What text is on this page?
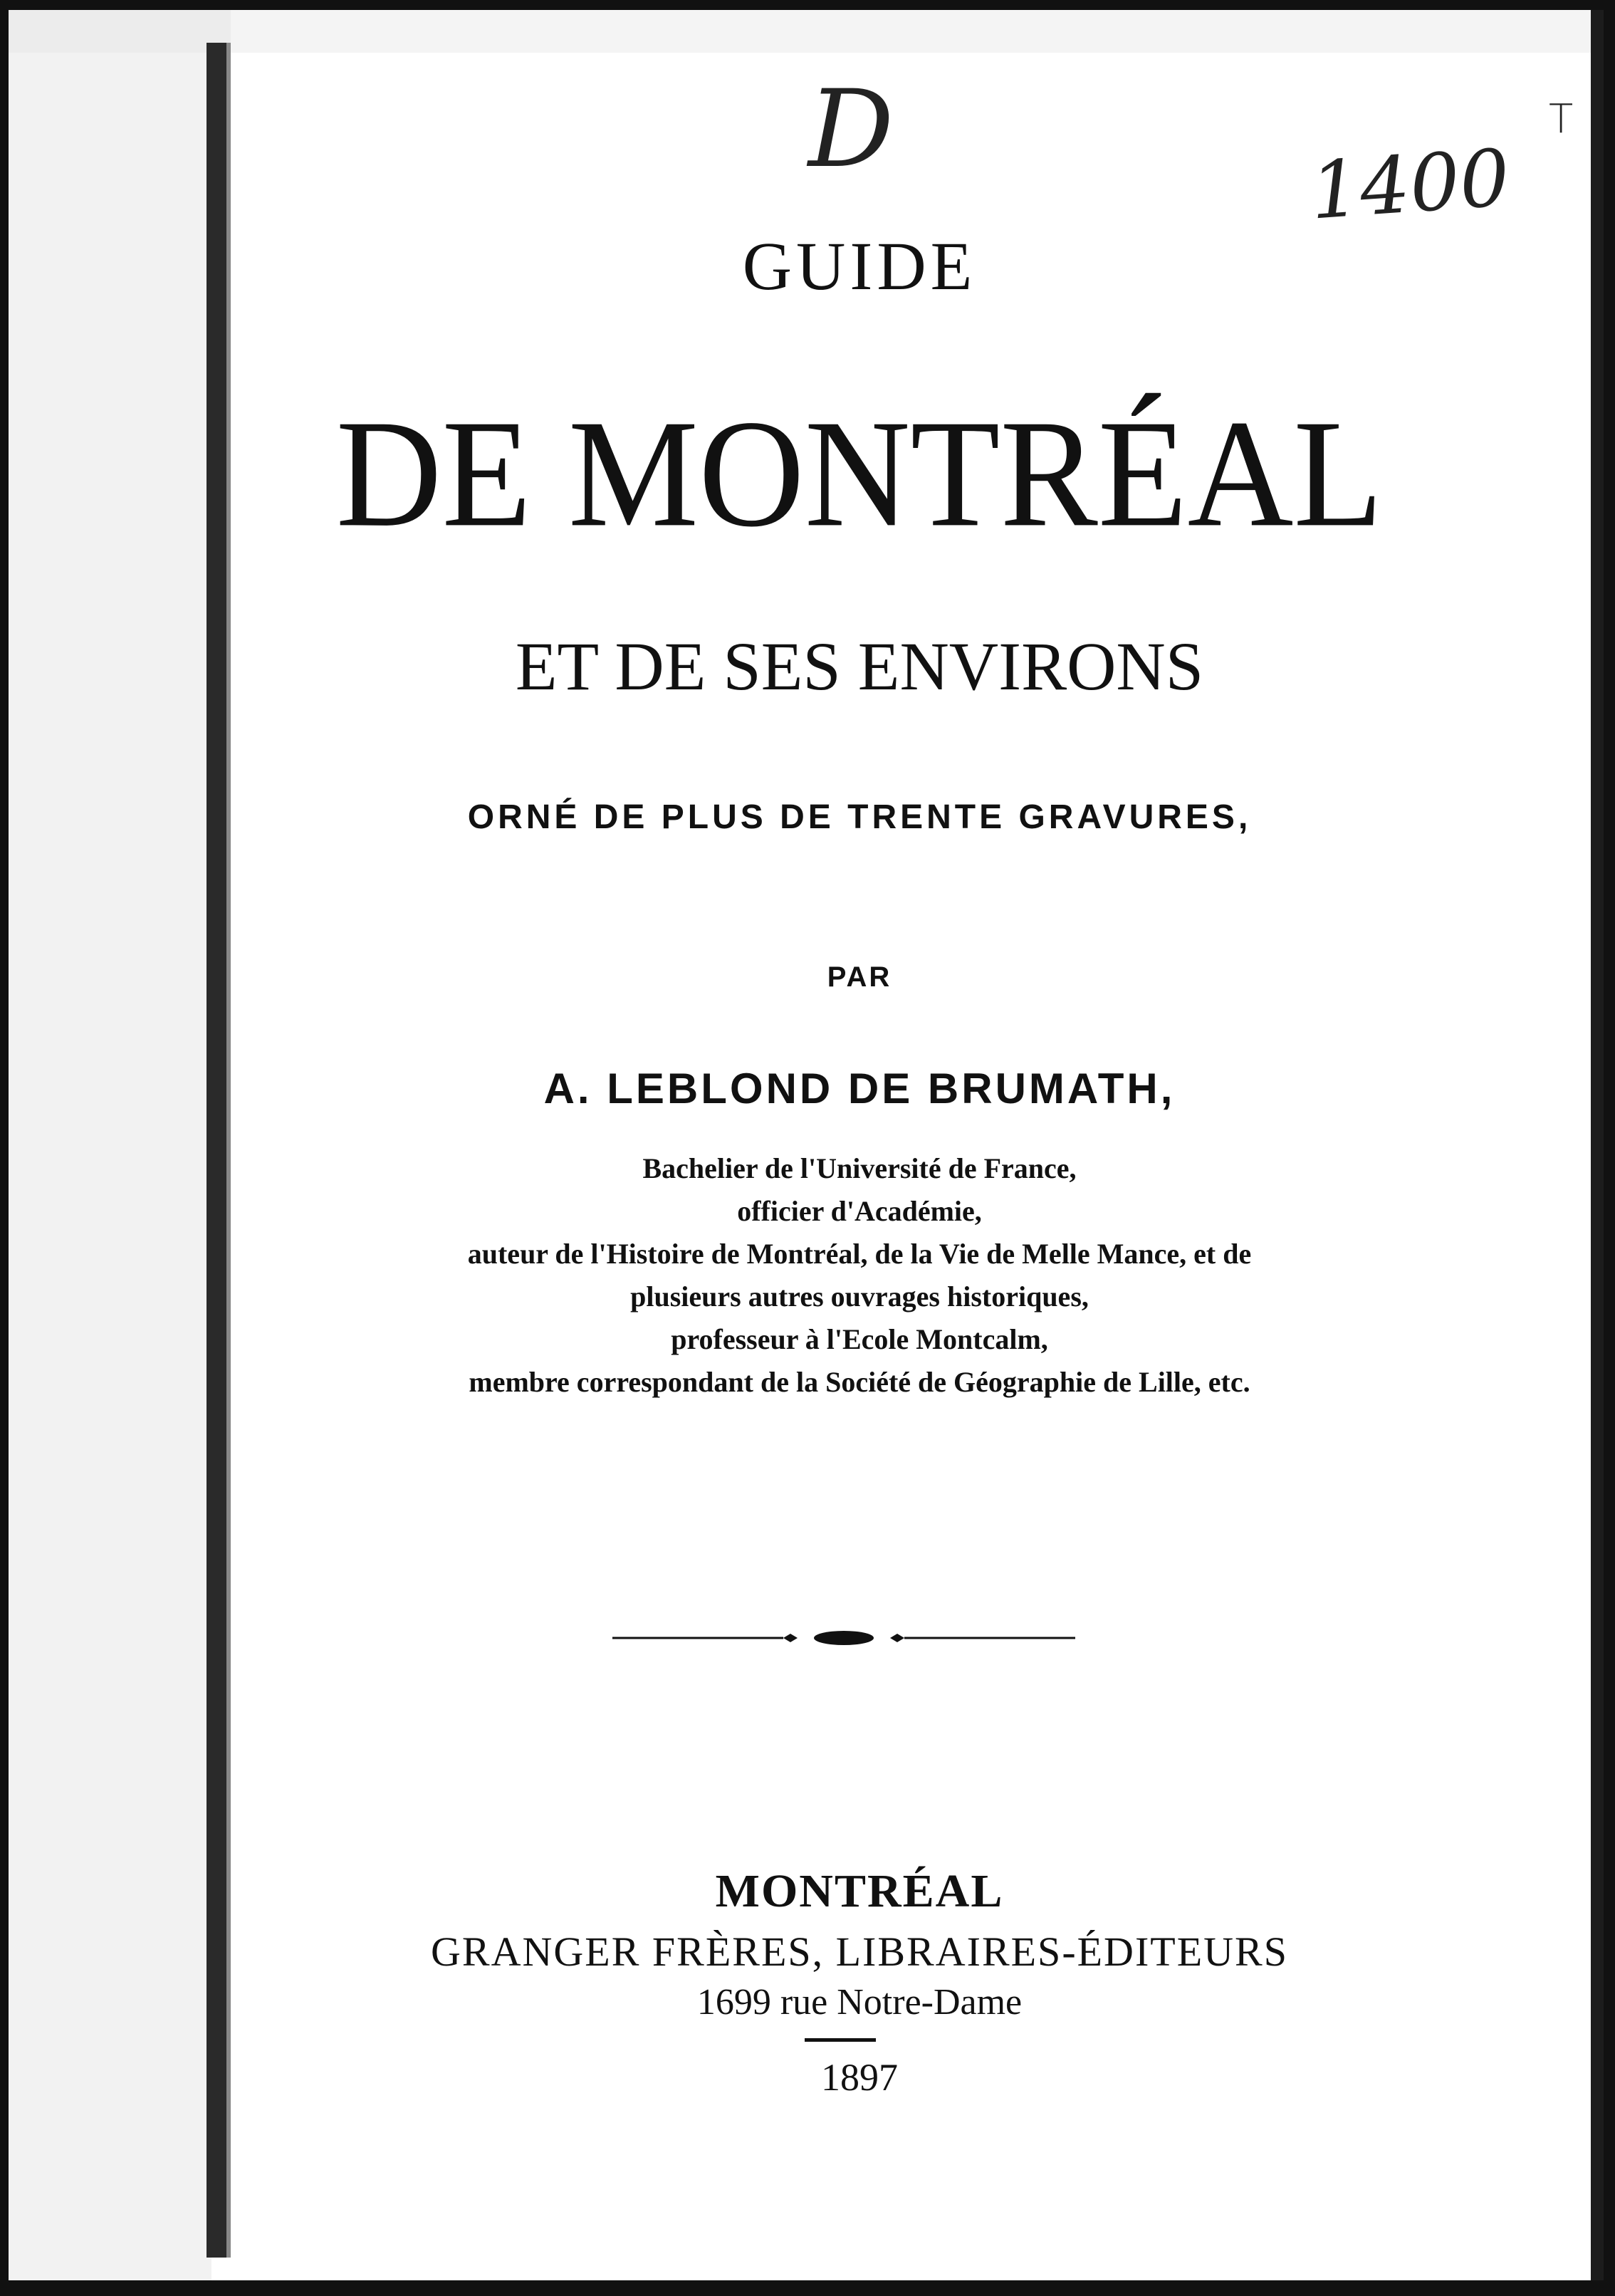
D	1400
T
GUIDE
DE MONTRÉAL
ET DE SES ENVIRONS
ORNÉ DE PLUS DE TRENTE GRAVURES,
PAR
A. LEBLOND DE BRUMATH,
Bachelier de l'Université de France,
officier d'Académie,
auteur de l'Histoire de Montréal, de la Vie de Melle Mance, et de
plusieurs autres ouvrages historiques,
professeur à l'Ecole Montcalm,
membre correspondant de la Société de Géographie de Lille, etc.
MONTRÉAL
GRANGER FRÈRES, LIBRAIRES-ÉDITEURS
1699 rue Notre-Dame
1897
